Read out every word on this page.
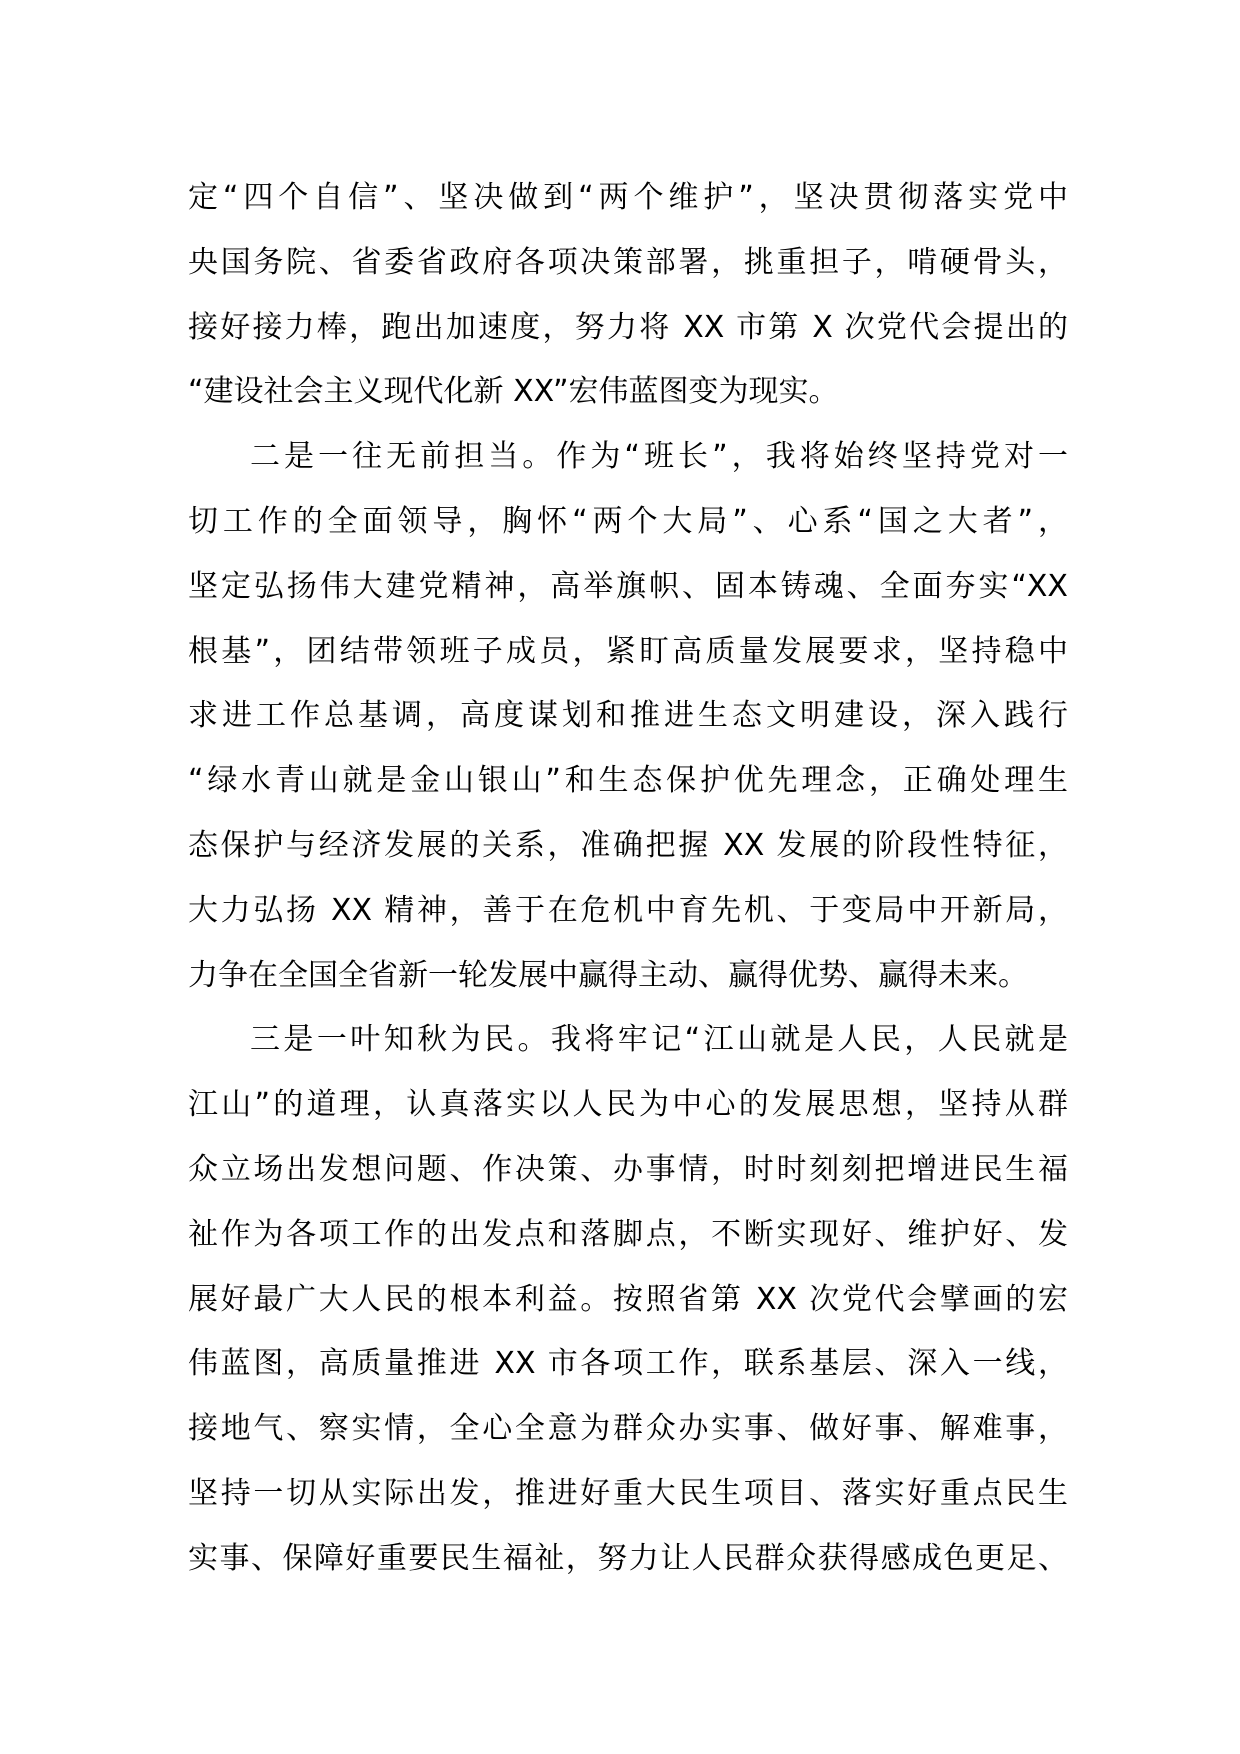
定“四个自信”、坚决做到“两个维护”，坚决贯彻落实党中
央国务院、省委省政府各项决策部署，挑重担子，啃硬骨头，
接好接力棒，跑出加速度，努力将 XX 市第 X 次党代会提出的
“建设社会主义现代化新 XX”宏伟蓝图变为现实。
二是一往无前担当。作为“班长”，我将始终坚持党对一
切工作的全面领导，胸怀“两个大局”、心系“国之大者”，
坚定弘扬伟大建党精神，高举旗帜、固本铸魂、全面夯实“XX
根基”，团结带领班子成员，紧盯高质量发展要求，坚持稳中
求进工作总基调，高度谋划和推进生态文明建设，深入践行
“绿水青山就是金山银山”和生态保护优先理念，正确处理生
态保护与经济发展的关系，准确把握 XX 发展的阶段性特征，
大力弘扬 XX 精神，善于在危机中育先机、于变局中开新局，
力争在全国全省新一轮发展中赢得主动、赢得优势、赢得未来。
三是一叶知秋为民。我将牢记“江山就是人民，人民就是
江山”的道理，认真落实以人民为中心的发展思想，坚持从群
众立场出发想问题、作决策、办事情，时时刻刻把增进民生福
祉作为各项工作的出发点和落脚点，不断实现好、维护好、发
展好最广大人民的根本利益。按照省第 XX 次党代会擘画的宏
伟蓝图，高质量推进 XX 市各项工作，联系基层、深入一线，
接地气、察实情，全心全意为群众办实事、做好事、解难事，
坚持一切从实际出发，推进好重大民生项目、落实好重点民生
实事、保障好重要民生福祉，努力让人民群众获得感成色更足、
